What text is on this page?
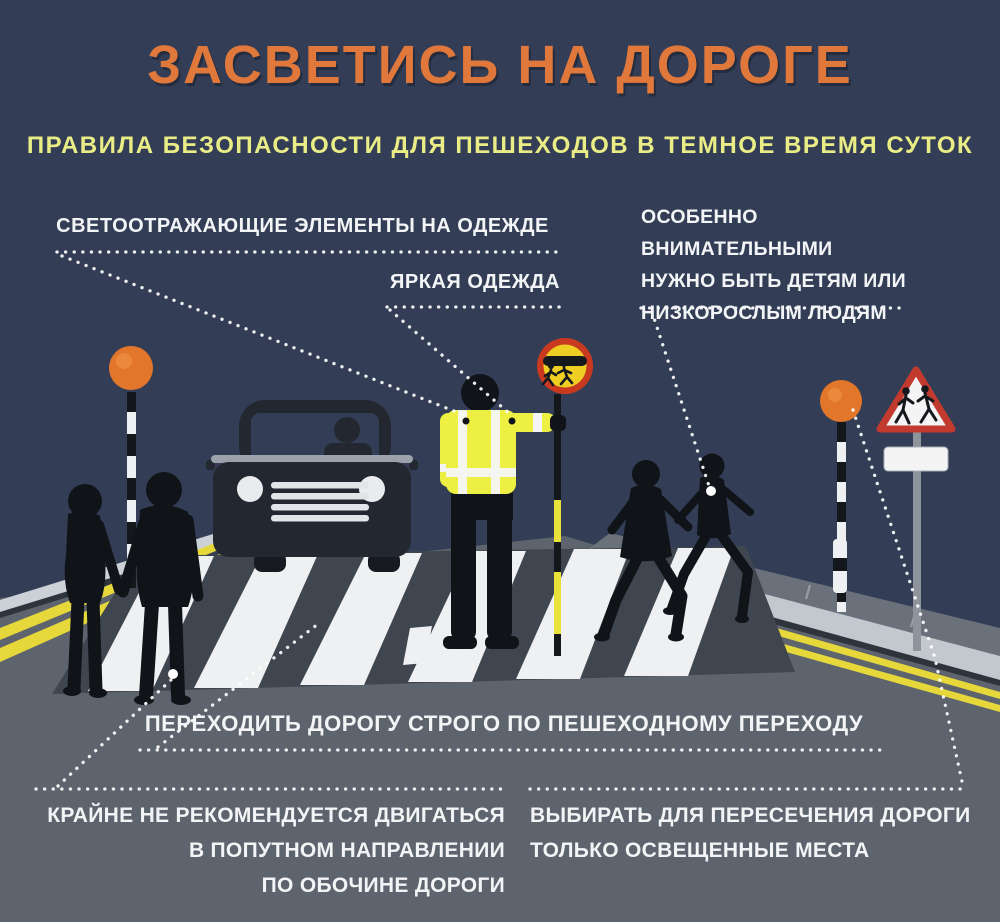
ЗАСВЕТИСЬ НА ДОРОГЕ
ПРАВИЛА БЕЗОПАСНОСТИ ДЛЯ ПЕШЕХОДОВ В ТЕМНОЕ ВРЕМЯ СУТОК
СВЕТООТРАЖАЮЩИЕ ЭЛЕМЕНТЫ НА ОДЕЖДЕ
ЯРКАЯ ОДЕЖДА
ОСОБЕННО ВНИМАТЕЛЬНЫМИ
НУЖНО БЫТЬ ДЕТЯМ ИЛИ
НИЗКОРОСЛЫМ ЛЮДЯМ
ПЕРЕХОДИТЬ ДОРОГУ СТРОГО ПО ПЕШЕХОДНОМУ ПЕРЕХОДУ
КРАЙНЕ НЕ РЕКОМЕНДУЕТСЯ ДВИГАТЬСЯ
В ПОПУТНОМ НАПРАВЛЕНИИ
ПО ОБОЧИНЕ ДОРОГИ
ВЫБИРАТЬ ДЛЯ ПЕРЕСЕЧЕНИЯ ДОРОГИ
ТОЛЬКО ОСВЕЩЕННЫЕ МЕСТА
